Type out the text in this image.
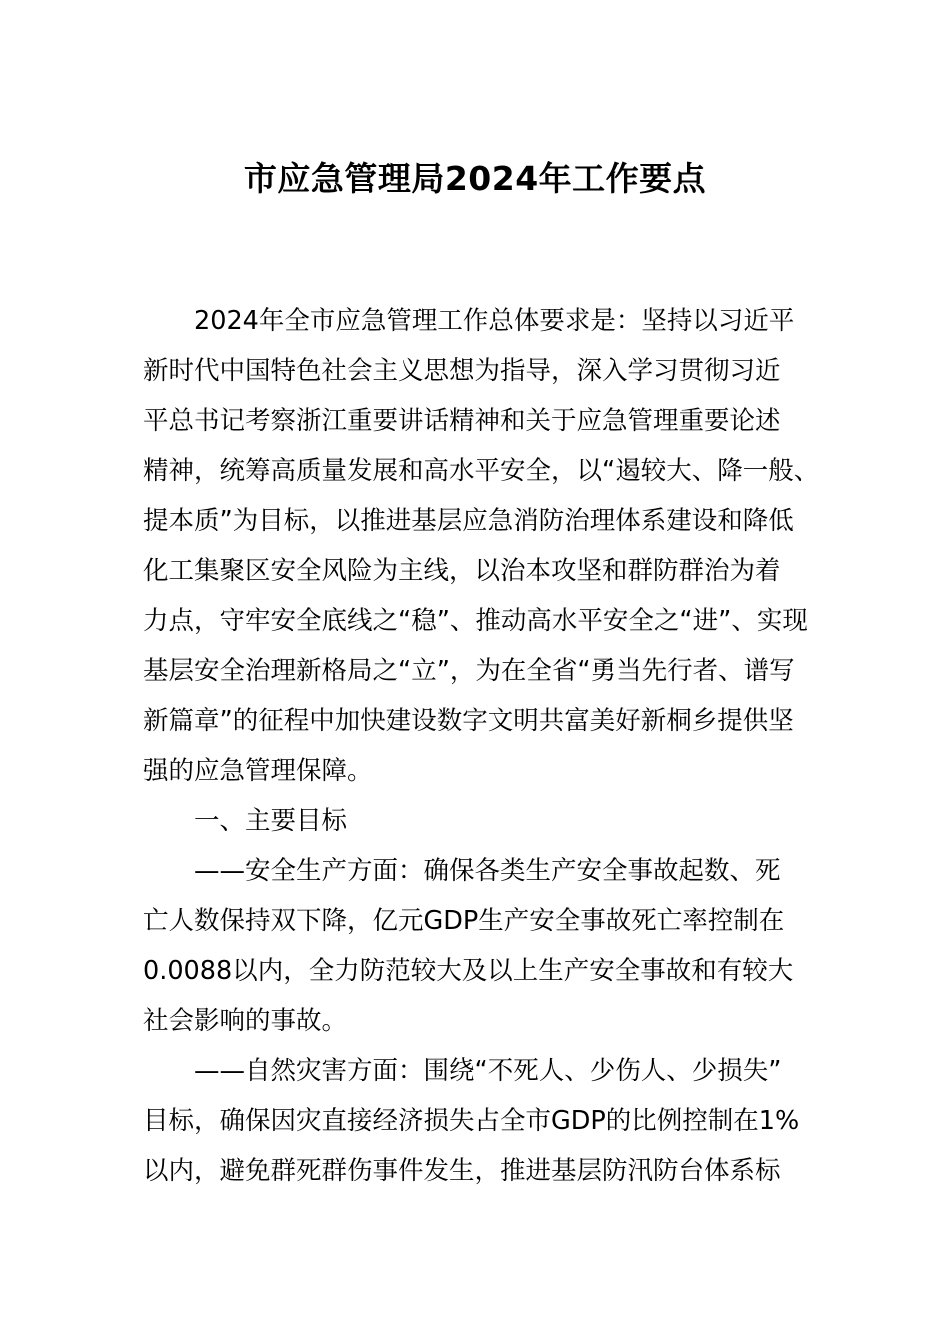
市应急管理局2024年工作要点
　　2024年全市应急管理工作总体要求是：坚持以习近平
新时代中国特色社会主义思想为指导，深入学习贯彻习近
平总书记考察浙江重要讲话精神和关于应急管理重要论述
精神，统筹高质量发展和高水平安全，以“遏较大、降一般、
提本质”为目标，以推进基层应急消防治理体系建设和降低
化工集聚区安全风险为主线，以治本攻坚和群防群治为着
力点，守牢安全底线之“稳”、推动高水平安全之“进”、实现
基层安全治理新格局之“立”，为在全省“勇当先行者、谱写
新篇章”的征程中加快建设数字文明共富美好新桐乡提供坚
强的应急管理保障。
　　一、主要目标
　　——安全生产方面：确保各类生产安全事故起数、死
亡人数保持双下降，亿元GDP生产安全事故死亡率控制在
0.0088以内，全力防范较大及以上生产安全事故和有较大
社会影响的事故。
　　——自然灾害方面：围绕“不死人、少伤人、少损失”
目标，确保因灾直接经济损失占全市GDP的比例控制在1%
以内，避免群死群伤事件发生，推进基层防汛防台体系标
